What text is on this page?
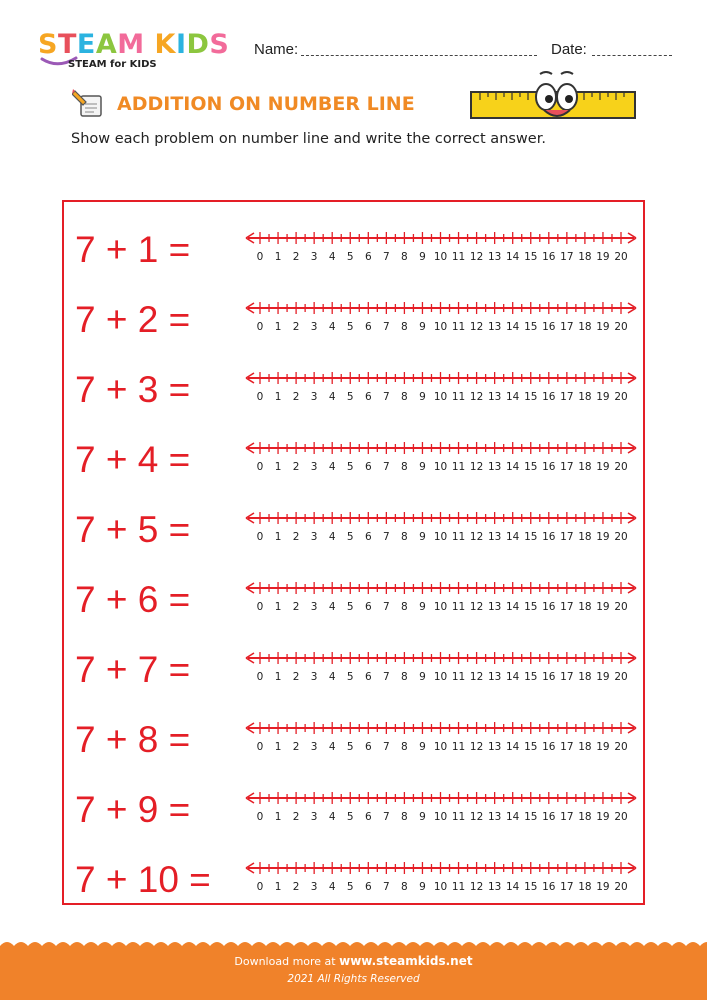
STEAM KIDS
STEAM for KIDS
Name:	Date:
ADDITION ON NUMBER LINE
Show each problem on number line and write the correct answer.
7 + 1 =	0 1 2 3 4 5 6 7 8 9 10 11 12 13 14 15 16 17 18 19 20
7 + 2 =	0 1 2 3 4 5 6 7 8 9 10 11 12 13 14 15 16 17 18 19 20
7 + 3 =	0 1 2 3 4 5 6 7 8 9 10 11 12 13 14 15 16 17 18 19 20
7 + 4 =	0 1 2 3 4 5 6 7 8 9 10 11 12 13 14 15 16 17 18 19 20
7 + 5 =	0 1 2 3 4 5 6 7 8 9 10 11 12 13 14 15 16 17 18 19 20
7 + 6 =	0 1 2 3 4 5 6 7 8 9 10 11 12 13 14 15 16 17 18 19 20
7 + 7 =	0 1 2 3 4 5 6 7 8 9 10 11 12 13 14 15 16 17 18 19 20
7 + 8 =	0 1 2 3 4 5 6 7 8 9 10 11 12 13 14 15 16 17 18 19 20
7 + 9 =	0 1 2 3 4 5 6 7 8 9 10 11 12 13 14 15 16 17 18 19 20
7 + 10 =	0 1 2 3 4 5 6 7 8 9 10 11 12 13 14 15 16 17 18 19 20
Download more at www.steamkids.net
2021 All Rights Reserved
